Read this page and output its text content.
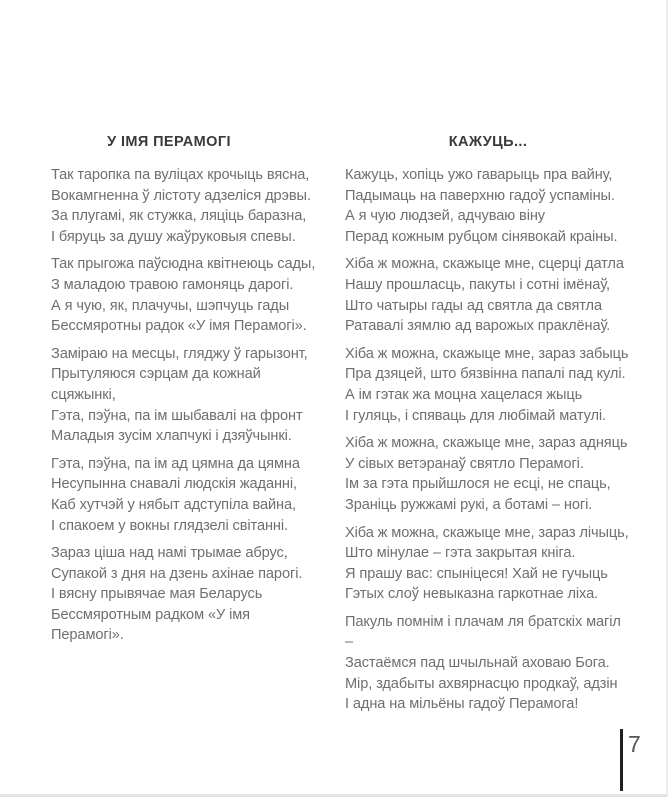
У ІМЯ ПЕРАМОГІ

Так таропка па вуліцах крочыць вясна,
Вокамгненна ў лістоту адзеліся дрэвы.
За плугамі, як стужка, ляціць баразна,
І бяруць за душу жаўруковыя спевы.

Так прыгожа паўсюдна квітнеюць сады,
З маладою травою гамоняць дарогі.
А я чую, як, плачучы, шэпчуць гады
Бессмяротны радок «У імя Перамогі».

Заміраю на месцы, гляджу ў гарызонт,
Прытуляюся сэрцам да кожнай сцяжынкі,
Гэта, пэўна, па ім шыбавалі на фронт
Маладыя зусім хлапчукі і дзяўчынкі.

Гэта, пэўна, па ім ад цямна да цямна
Несупынна снавалі людскія жаданні,
Каб хутчэй у нябыт адступіла вайна,
І спакоем у вокны глядзелі світанні.

Зараз ціша над намі трымае абрус,
Супакой з дня на дзень ахінае парогі.
І вясну прывячае мая Беларусь
Бессмяротным радком «У імя Перамогі».

КАЖУЦЬ...

Кажуць, хопіць ужо гаварыць пра вайну,
Падымаць на паверхню гадоў успаміны.
А я чую людзей, адчуваю віну
Перад кожным рубцом сінявокай краіны.

Хіба ж можна, скажыце мне, сцерці датла
Нашу прошласць, пакуты і сотні імёнаў,
Што чатыры гады ад святла да святла
Ратавалі зямлю ад варожых праклёнаў.

Хіба ж можна, скажыце мне, зараз забыць
Пра дзяцей, што бязвінна папалі пад кулі.
А ім гэтак жа моцна хацелася жыць
І гуляць, і спяваць для любімай матулі.

Хіба ж можна, скажыце мне, зараз адняць
У сівых ветэранаў святло Перамогі.
Ім за гэта прыйшлося не есці, не спаць,
Зраніць ружжамі рукі, а ботамі – ногі.

Хіба ж можна, скажыце мне, зараз лічыць,
Што мінулае – гэта закрытая кніга.
Я прашу вас: спыніцеся! Хай не гучыць
Гэтых слоў невыказна гаркотнае ліха.

Пакуль помнім і плачам ля братскіх магіл –
Застаёмся пад шчыльнай аховаю Бога.
Мір, здабыты ахвярнасцю продкаў, адзін
І адна на мільёны гадоў Перамога!

7
